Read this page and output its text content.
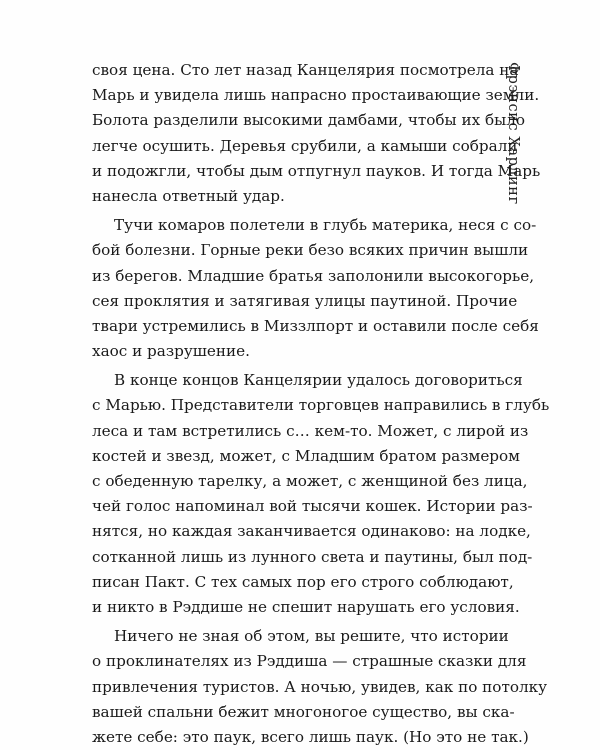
Фрэнсис Хардинг
своя цена. Сто лет назад Канцелярия посмотрела на
Марь и увидела лишь напрасно простаивающие земли.
Болота разделили высокими дамбами, чтобы их было
легче осушить. Деревья срубили, а камыши собрали
и подожгли, чтобы дым отпугнул пауков. И тогда Марь
нанесла ответный удар.
Тучи комаров полетели в глубь материка, неся с со-
бой болезни. Горные реки безо всяких причин вышли
из берегов. Младшие братья заполонили высокогорье,
сея проклятия и затягивая улицы паутиной. Прочие
твари устремились в Миззлпорт и оставили после себя
хаос и разрушение.
В конце концов Канцелярии удалось договориться
с Марью. Представители торговцев направились в глубь
леса и там встретились с… кем-то. Может, с лирой из
костей и звезд, может, с Младшим братом размером
с обеденную тарелку, а может, с женщиной без лица,
чей голос напоминал вой тысячи кошек. Истории раз-
нятся, но каждая заканчивается одинаково: на лодке,
сотканной лишь из лунного света и паутины, был под-
писан Пакт. С тех самых пор его строго соблюдают,
и никто в Рэддише не спешит нарушать его условия.
Ничего не зная об этом, вы решите, что истории
о проклинателях из Рэддиша — страшные сказки для
привлечения туристов. А ночью, увидев, как по потолку
вашей спальни бежит многоногое существо, вы ска-
жете себе: это паук, всего лишь паук. (Но это не так.)
